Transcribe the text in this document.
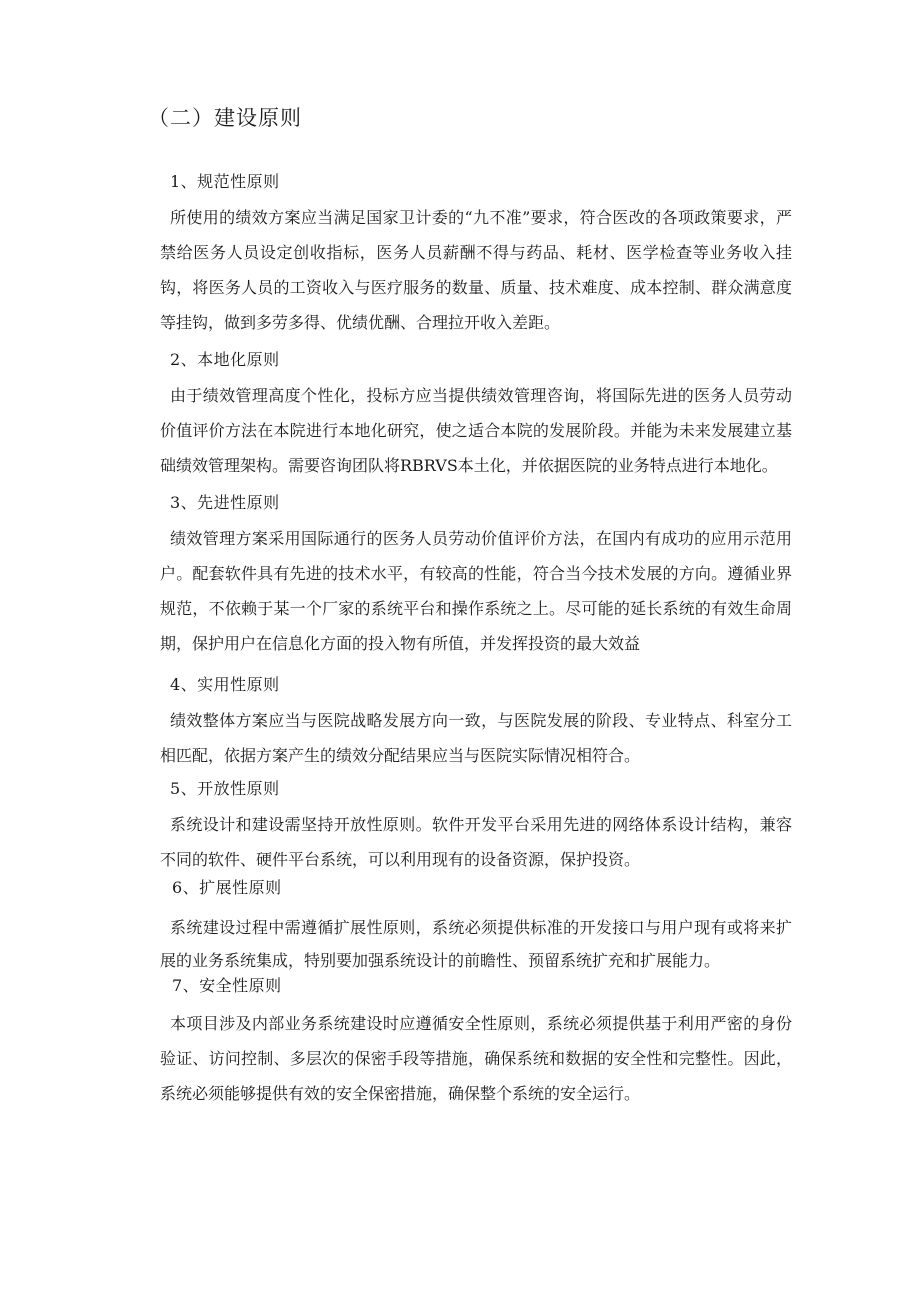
（二）建设原则
1、规范性原则
所使用的绩效方案应当满足国家卫计委的“九不准”要求，符合医改的各项政策要求，严禁给医务人员设定创收指标，医务人员薪酬不得与药品、耗材、医学检查等业务收入挂钩，将医务人员的工资收入与医疗服务的数量、质量、技术难度、成本控制、群众满意度等挂钩，做到多劳多得、优绩优酬、合理拉开收入差距。
2、本地化原则
由于绩效管理高度个性化，投标方应当提供绩效管理咨询，将国际先进的医务人员劳动价值评价方法在本院进行本地化研究，使之适合本院的发展阶段。并能为未来发展建立基础绩效管理架构。需要咨询团队将RBRVS本土化，并依据医院的业务特点进行本地化。
3、先进性原则
绩效管理方案采用国际通行的医务人员劳动价值评价方法，在国内有成功的应用示范用户。配套软件具有先进的技术水平，有较高的性能，符合当今技术发展的方向。遵循业界规范，不依赖于某一个厂家的系统平台和操作系统之上。尽可能的延长系统的有效生命周期，保护用户在信息化方面的投入物有所值，并发挥投资的最大效益
4、实用性原则
绩效整体方案应当与医院战略发展方向一致，与医院发展的阶段、专业特点、科室分工相匹配，依据方案产生的绩效分配结果应当与医院实际情况相符合。
5、开放性原则
系统设计和建设需坚持开放性原则。软件开发平台采用先进的网络体系设计结构，兼容不同的软件、硬件平台系统，可以利用现有的设备资源，保护投资。
6、扩展性原则
系统建设过程中需遵循扩展性原则，系统必须提供标准的开发接口与用户现有或将来扩展的业务系统集成，特别要加强系统设计的前瞻性、预留系统扩充和扩展能力。
7、安全性原则
本项目涉及内部业务系统建设时应遵循安全性原则，系统必须提供基于利用严密的身份验证、访问控制、多层次的保密手段等措施，确保系统和数据的安全性和完整性。因此，系统必须能够提供有效的安全保密措施，确保整个系统的安全运行。
